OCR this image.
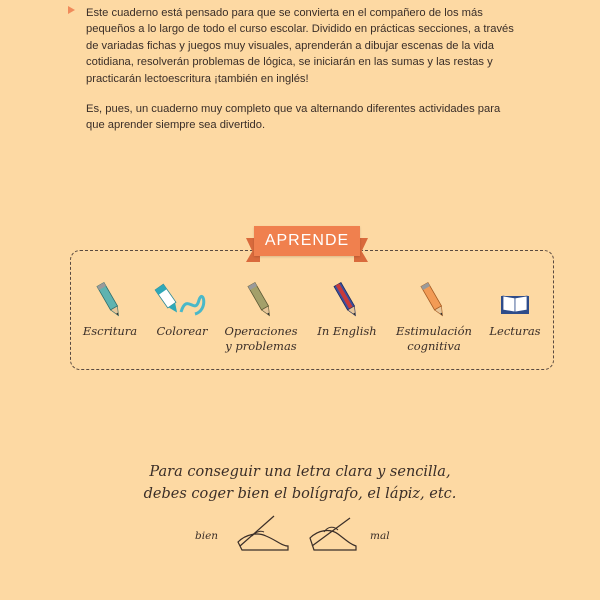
Este cuaderno está pensado para que se convierta en el compañero de los más pequeños a lo largo de todo el curso escolar. Dividido en prácticas secciones, a través de variadas fichas y juegos muy visuales, aprenderán a dibujar escenas de la vida cotidiana, resolverán problemas de lógica, se iniciarán en las sumas y las restas y practicarán lectoescritura ¡también en inglés!

Es, pues, un cuaderno muy completo que va alternando diferentes actividades para que aprender siempre sea divertido.

APRENDE
Escritura	Colorear	Operaciones y problemas
In English	Estimulación cognitiva
Lecturas
Para conseguir una letra clara y sencilla,
debes coger bien el bolígrafo, el lápiz, etc.
bien	mal
